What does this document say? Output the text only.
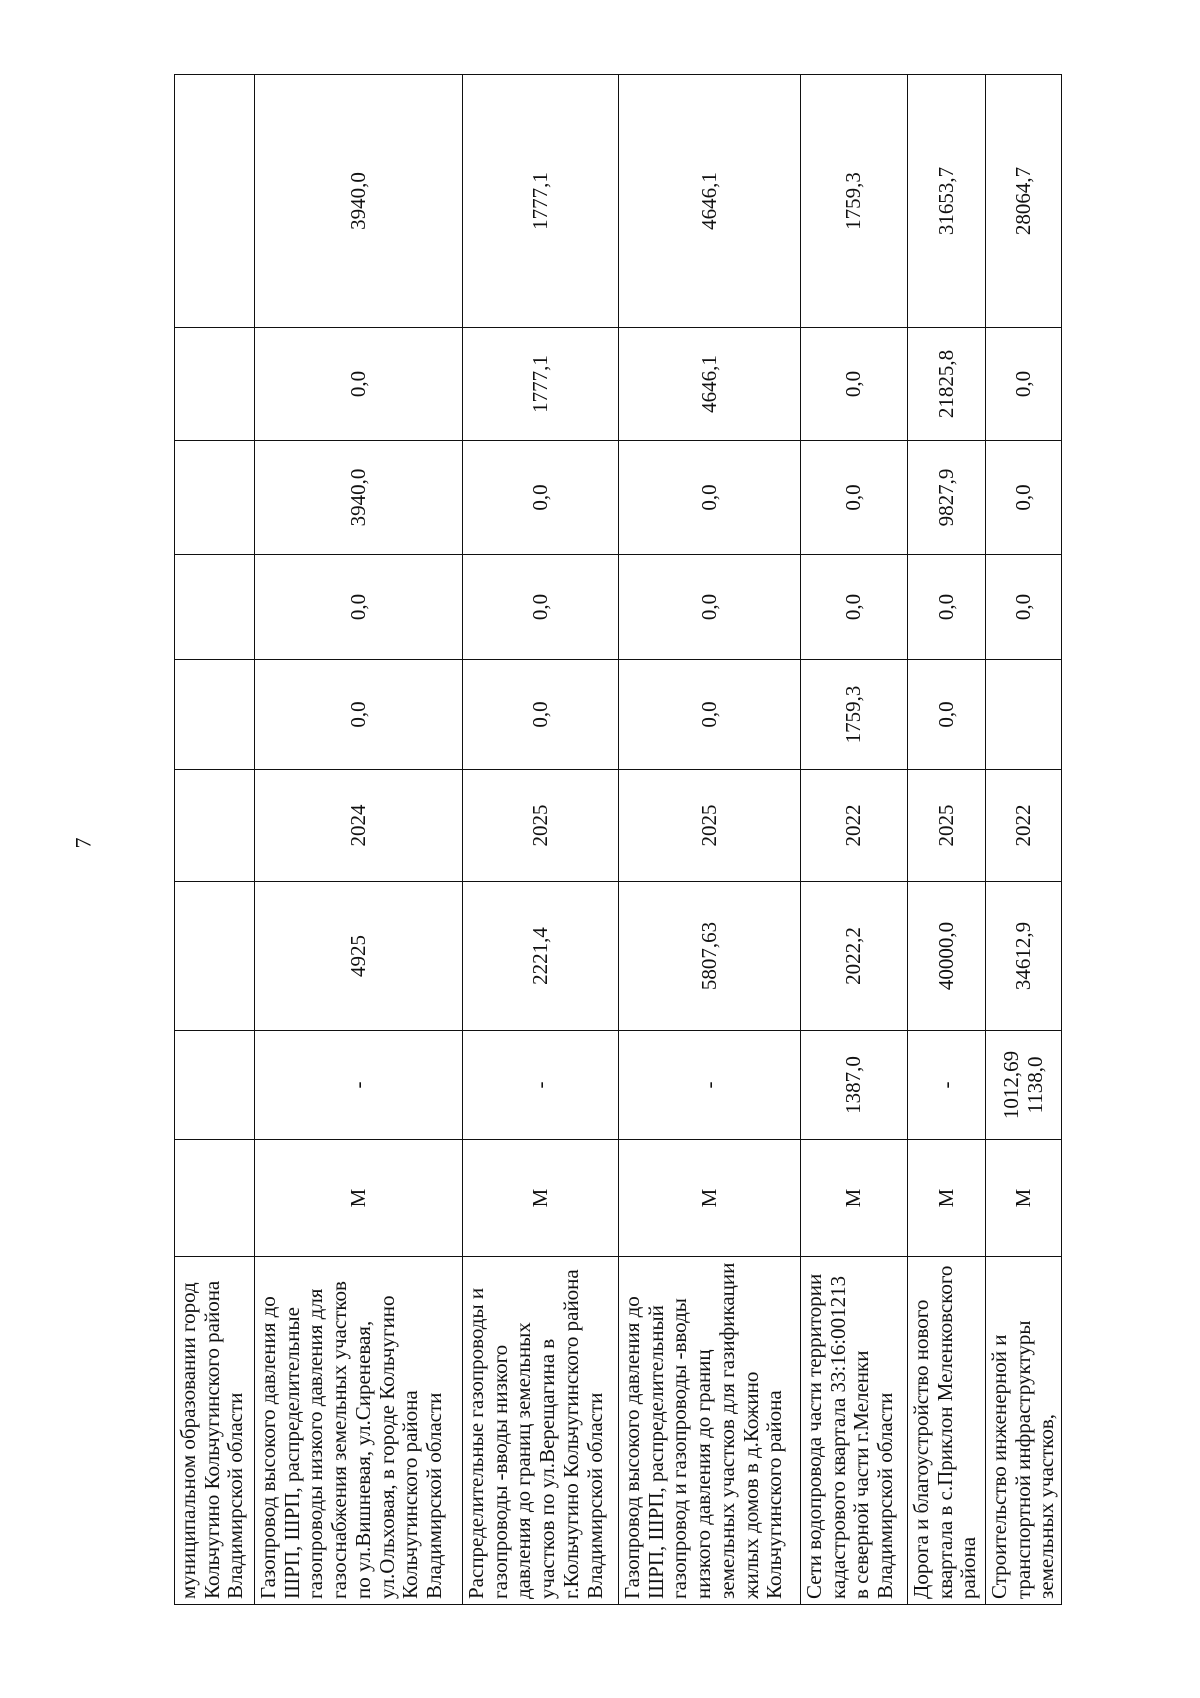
7
муниципальном образовании город Кольчугино Кольчугинского района Владимирской области									
Газопровод высокого давления до ШРП, ШРП, распределительные газопроводы низкого давления для газоснабжения земельных участков по ул.Вишневая, ул.Сиреневая, ул.Ольховая, в городе Кольчугино Кольчугинского района Владимирской области	М	-	4925	2024	0,0	0,0	3940,0	0,0	3940,0
Распределительные газопроводы и газопроводы -вводы низкого давления до границ земельных участков по ул.Верещагина в г.Кольчугино Кольчугинского района Владимирской области	М	-	2221,4	2025	0,0	0,0	0,0	1777,1	1777,1
Газопровод высокого давления до ШРП, ШРП, распределительный газопровод и газопроводы -вводы низкого давления до границ земельных участков для газификации жилых домов в д.Кожино Кольчугинского района	М	-	5807,63	2025	0,0	0,0	0,0	4646,1	4646,1
Сети водопровода части территории кадастрового квартала 33:16:001213 в северной части г.Меленки Владимирской области	М	1387,0	2022,2	2022	1759,3	0,0	0,0	0,0	1759,3
Дорога и благоустройство нового квартала в с.Приклон Меленковского района	М	-	40000,0	2025	0,0	0,0	9827,9	21825,8	31653,7
Строительство инженерной и транспортной инфраструктуры земельных участков,	М	1012,69 1138,0	34612,9	2022		0,0	0,0	0,0	28064,7
